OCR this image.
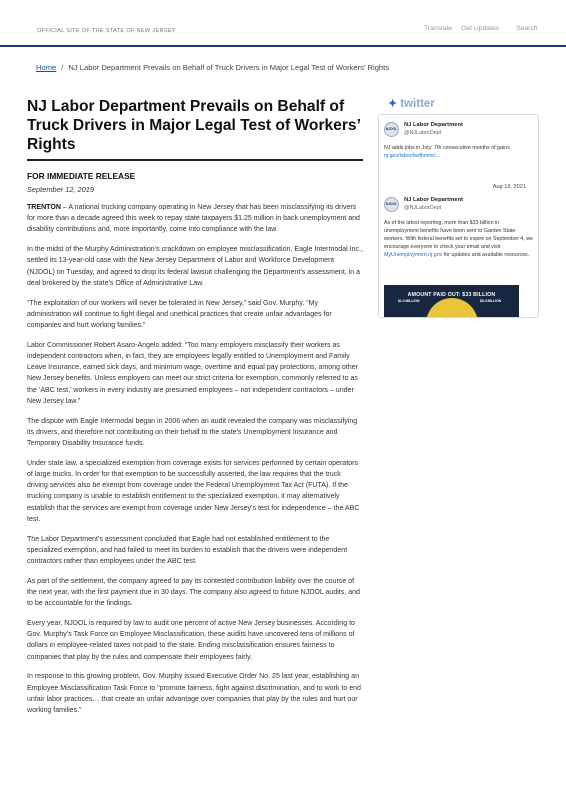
OFFICIAL SITE OF THE STATE OF NEW JERSEY	Translate Get Updates Search
Home / NJ Labor Department Prevails on Behalf of Truck Drivers in Major Legal Test of Workers' Rights
NJ Labor Department Prevails on Behalf of Truck Drivers in Major Legal Test of Workers’ Rights
FOR IMMEDIATE RELEASE
September 12, 2019

TRENTON – A national trucking company operating in New Jersey that has been misclassifying its drivers for more than a decade agreed this week to repay state taxpayers $1.25 million in back unemployment and disability contributions and, more importantly, come into compliance with the law.

In the midst of the Murphy Administration’s crackdown on employee misclassification, Eagle Intermodal Inc., settled its 13-year-old case with the New Jersey Department of Labor and Workforce Development (NJDOL) on Tuesday, and agreed to drop its federal lawsuit challenging the Department’s assessment, in a deal brokered by the state’s Office of Administrative Law.

“The exploitation of our workers will never be tolerated in New Jersey,” said Gov. Murphy. “My administration will continue to fight illegal and unethical practices that create unfair advantages for companies and hurt working families.”

Labor Commissioner Robert Asaro-Angelo added: “Too many employers misclassify their workers as independent contractors when, in fact, they are employees legally entitled to Unemployment and Family Leave Insurance, earned sick days, and minimum wage, overtime and equal pay protections, among other New Jersey benefits. Unless employers can meet our strict criteria for exemption, commonly referred to as the ‘ABC test,’ workers in every industry are presumed employees – not independent contractors – under New Jersey law.”

The dispute with Eagle Intermodal began in 2006 when an audit revealed the company was misclassifying its drivers, and therefore not contributing on their behalf to the state’s Unemployment Insurance and Temporary Disability Insurance funds.

Under state law, a specialized exemption from coverage exists for services performed by certain operators of large trucks. In order for that exemption to be successfully asserted, the law requires that the truck driving services also be exempt from coverage under the Federal Unemployment Tax Act (FUTA). If the trucking company is unable to establish entitlement to the specialized exemption, it may alternatively establish that the services are exempt from coverage under New Jersey’s test for independence – the ABC test.

The Labor Department’s assessment concluded that Eagle had not established entitlement to the specialized exemption, and had failed to meet its burden to establish that the drivers were independent contractors rather than employees under the ABC test.

As part of the settlement, the company agreed to pay its contested contribution liability over the course of the next year, with the first payment due in 30 days. The company also agreed to future NJDOL audits, and to be accountable for the findings.

Every year, NJDOL is required by law to audit one percent of active New Jersey businesses. According to Gov. Murphy’s Task Force on Employee Misclassification, these audits have uncovered tens of millions of dollars in employee-related taxes not paid to the state. Ending misclassification ensures fairness to companies that play by the rules and compensate their employees fairly.

In response to this growing problem, Gov. Murphy issued Executive Order No. 25 last year, establishing an Employee Misclassification Task Force to “promote fairness, fight against discrimination, and to work to end unfair labor practices… that create an unfair advantage over companies that play by the rules and hurt our working families.”

✦ twitter
NJDOL
NJ Labor Department
@NJLaborDept
NJ adds jobs in July; 7th consecutive months of gains. nj.gov/labor/lwdhome/...
Aug 19, 2021
NJDOL
NJ Labor Department
@NJLaborDept
As of the latest reporting, more than $33 billion in unemployment benefits have been sent to Garden State workers. With federal benefits set to expire on September 4, we encourage everyone to check your email and visit MyUnemployment.nj.gov for updates and available resources.
AMOUNT PAID OUT: $33 BILLION
$1.4 MILLION	$8.4 BILLION
